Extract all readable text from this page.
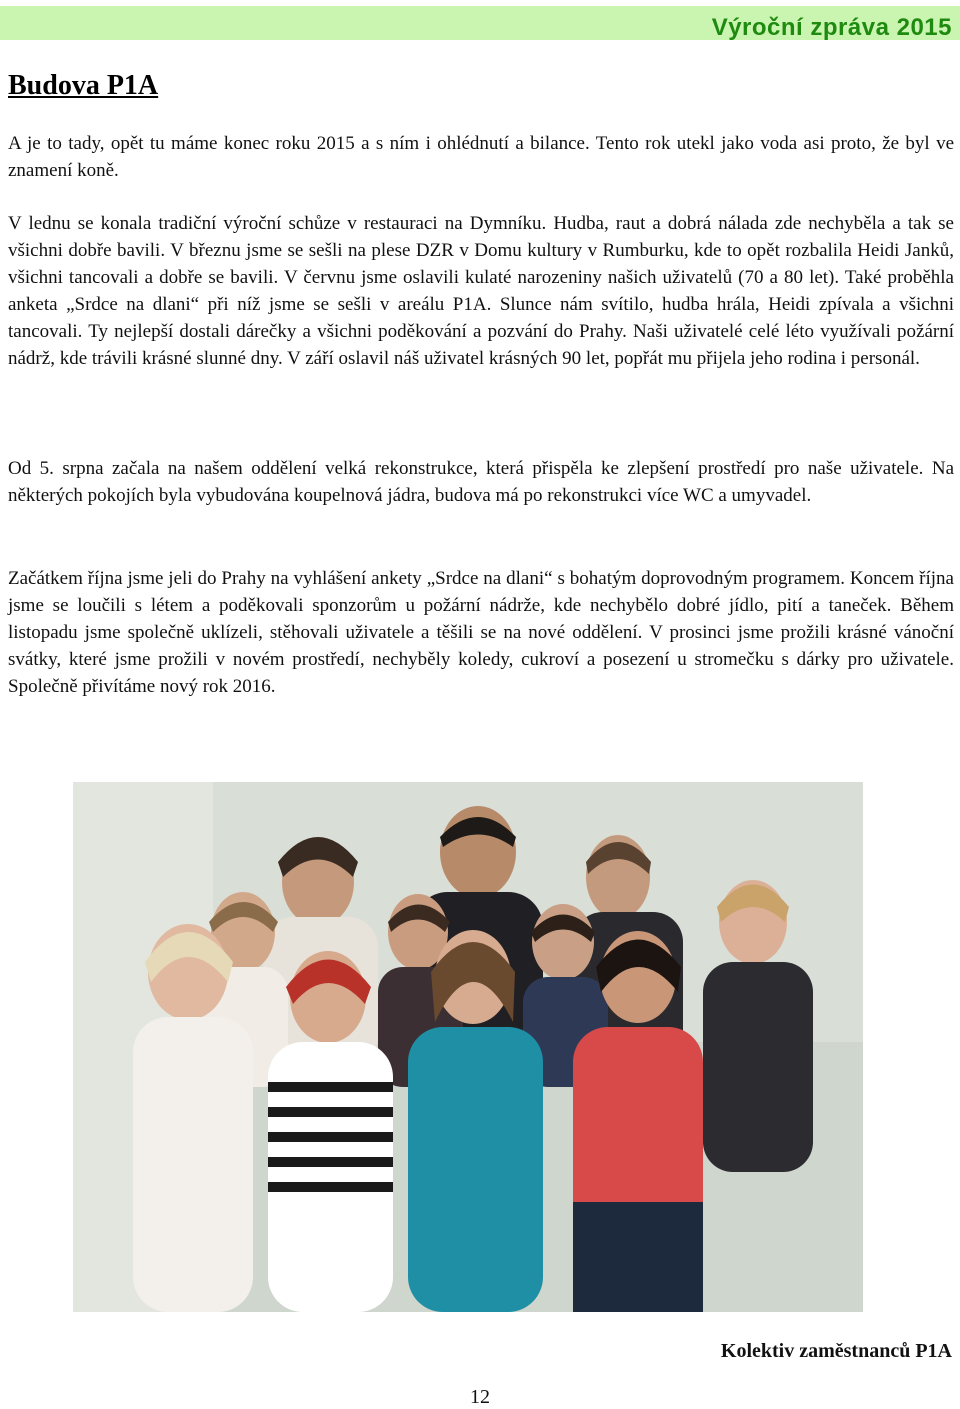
Výroční zpráva 2015
Budova P1A

A je to tady, opět tu máme konec roku 2015 a s ním i ohlédnutí a bilance. Tento rok utekl jako voda asi proto, že byl ve znamení koně.

V lednu se konala tradiční výroční schůze v restauraci na Dymníku. Hudba, raut a dobrá nálada zde nechyběla a tak se všichni dobře bavili. V březnu jsme se sešli na plese DZR v Domu kultury v Rumburku, kde to opět rozbalila Heidi Janků, všichni tancovali a dobře se bavili. V červnu jsme oslavili kulaté narozeniny našich uživatelů (70 a 80 let). Také proběhla anketa „Srdce na dlani“ při níž jsme se sešli v areálu P1A. Slunce nám svítilo, hudba hrála, Heidi zpívala a všichni tancovali. Ty nejlepší dostali dárečky a všichni poděkování a pozvání do Prahy. Naši uživatelé celé léto využívali požární nádrž, kde trávili krásné slunné dny. V září oslavil náš uživatel krásných 90 let, popřát mu přijela jeho rodina i personál.

Od 5. srpna začala na našem oddělení velká rekonstrukce, která přispěla ke zlepšení prostředí pro naše uživatele. Na některých pokojích byla vybudována koupelnová jádra, budova má po rekonstrukci více WC a umyvadel.

Začátkem října jsme jeli do Prahy na vyhlášení ankety „Srdce na dlani“ s bohatým doprovodným programem. Koncem října jsme se loučili s létem a poděkovali sponzorům u požární nádrže, kde nechybělo dobré jídlo, pití a taneček. Během listopadu jsme společně uklízeli, stěhovali uživatele a těšili se na nové oddělení. V prosinci jsme prožili krásné vánoční svátky, které jsme prožili v novém prostředí, nechyběly koledy, cukroví a posezení u stromečku s dárky pro uživatele. Společně přivítáme nový rok 2016.

Kolektiv zaměstnanců P1A
12
